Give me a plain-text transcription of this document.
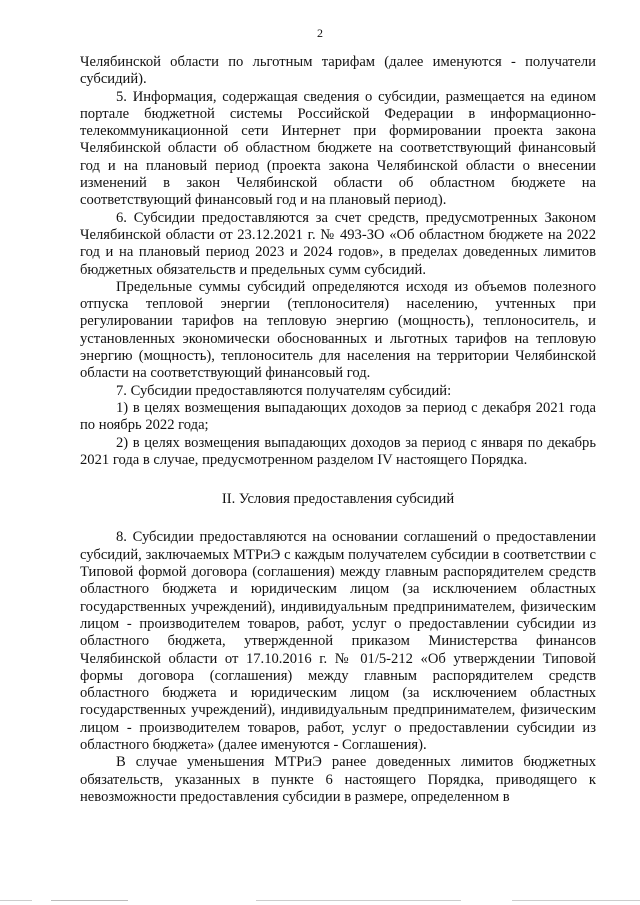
2

Челябинской области по льготным тарифам (далее именуются - получатели субсидий).

5. Информация, содержащая сведения о субсидии, размещается на едином портале бюджетной системы Российской Федерации в информационно-телекоммуникационной сети Интернет при формировании проекта закона Челябинской области об областном бюджете на соответствующий финансовый год и на плановый период (проекта закона Челябинской области о внесении изменений в закон Челябинской области об областном бюджете на соответствующий финансовый год и на плановый период).

6. Субсидии предоставляются за счет средств, предусмотренных Законом Челябинской области от 23.12.2021 г. № 493-ЗО «Об областном бюджете на 2022 год и на плановый период 2023 и 2024 годов», в пределах доведенных лимитов бюджетных обязательств и предельных сумм субсидий.

Предельные суммы субсидий определяются исходя из объемов полезного отпуска тепловой энергии (теплоносителя) населению, учтенных при регулировании тарифов на тепловую энергию (мощность), теплоноситель, и установленных экономически обоснованных и льготных тарифов на тепловую энергию (мощность), теплоноситель для населения на территории Челябинской области на соответствующий финансовый год.

7. Субсидии предоставляются получателям субсидий:

1) в целях возмещения выпадающих доходов за период с декабря 2021 года по ноябрь 2022 года;

2) в целях возмещения выпадающих доходов за период с января по декабрь 2021 года в случае, предусмотренном разделом IV настоящего Порядка.

II. Условия предоставления субсидий

8. Субсидии предоставляются на основании соглашений о предоставлении субсидий, заключаемых МТРиЭ с каждым получателем субсидии в соответствии с Типовой формой договора (соглашения) между главным распорядителем средств областного бюджета и юридическим лицом (за исключением областных государственных учреждений), индивидуальным предпринимателем, физическим лицом - производителем товаров, работ, услуг о предоставлении субсидии из областного бюджета, утвержденной приказом Министерства финансов Челябинской области от 17.10.2016 г. № 01/5-212 «Об утверждении Типовой формы договора (соглашения) между главным распорядителем средств областного бюджета и юридическим лицом (за исключением областных государственных учреждений), индивидуальным предпринимателем, физическим лицом - производителем товаров, работ, услуг о предоставлении субсидии из областного бюджета» (далее именуются - Соглашения).

В случае уменьшения МТРиЭ ранее доведенных лимитов бюджетных обязательств, указанных в пункте 6 настоящего Порядка, приводящего к невозможности предоставления субсидии в размере, определенном в
